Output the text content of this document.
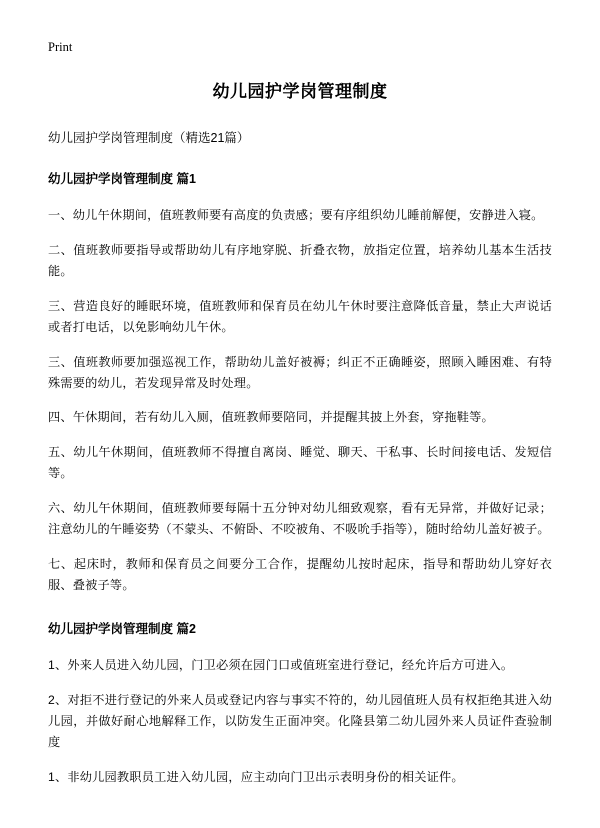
Print
幼儿园护学岗管理制度
幼儿园护学岗管理制度（精选21篇）
幼儿园护学岗管理制度 篇1

一、幼儿午休期间，值班教师要有高度的负责感；要有序组织幼儿睡前解便，安静进入寝。

二、值班教师要指导或帮助幼儿有序地穿脱、折叠衣物，放指定位置，培养幼儿基本生活技能。

三、营造良好的睡眠环境，值班教师和保育员在幼儿午休时要注意降低音量，禁止大声说话或者打电话，以免影响幼儿午休。

三、值班教师要加强巡视工作，帮助幼儿盖好被褥；纠正不正确睡姿，照顾入睡困难、有特殊需要的幼儿，若发现异常及时处理。

四、午休期间，若有幼儿入厕，值班教师要陪同，并提醒其披上外套，穿拖鞋等。

五、幼儿午休期间，值班教师不得擅自离岗、睡觉、聊天、干私事、长时间接电话、发短信等。

六、幼儿午休期间，值班教师要每隔十五分钟对幼儿细致观察，看有无异常，并做好记录；注意幼儿的午睡姿势（不蒙头、不俯卧、不咬被角、不吸吮手指等），随时给幼儿盖好被子。

七、起床时，教师和保育员之间要分工合作，提醒幼儿按时起床，指导和帮助幼儿穿好衣服、叠被子等。

幼儿园护学岗管理制度 篇2

1、外来人员进入幼儿园，门卫必须在园门口或值班室进行登记，经允许后方可进入。

2、对拒不进行登记的外来人员或登记内容与事实不符的，幼儿园值班人员有权拒绝其进入幼儿园，并做好耐心地解释工作，以防发生正面冲突。化隆县第二幼儿园外来人员证件查验制度

1、非幼儿园教职员工进入幼儿园，应主动向门卫出示表明身份的相关证件。
